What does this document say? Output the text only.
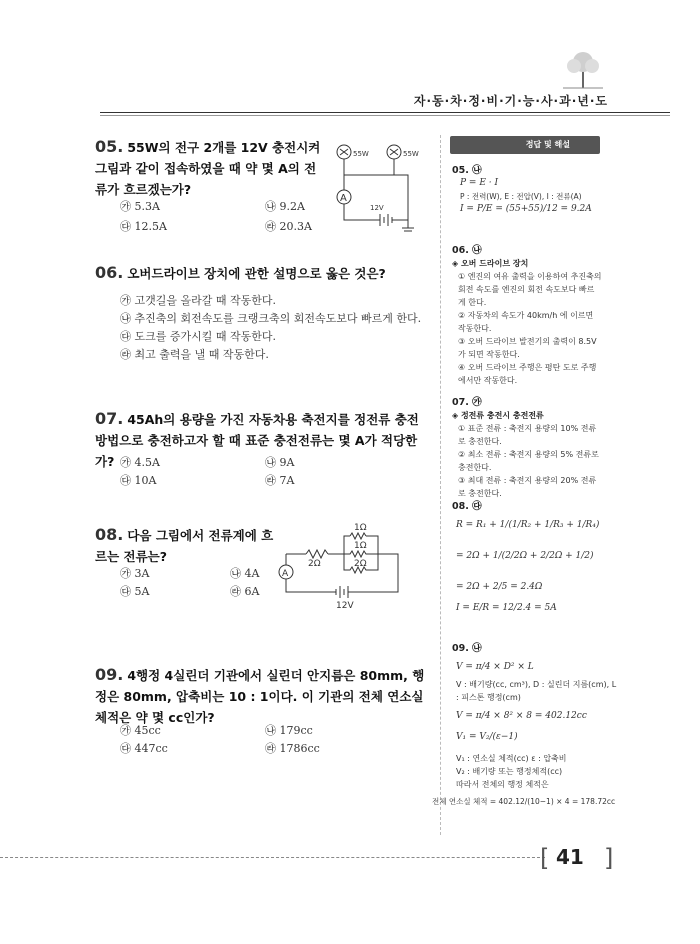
자·동·차·정·비·기·능·사·과·년·도
05. 55W의 전구 2개를 12V 충전시켜 그림과 같이 접속하였을 때 약 몇 A의 전류가 흐르겠는가?
㉮ 5.3A	㉯ 9.2A
㉰ 12.5A	㉱ 20.3A
55W	55W
A
12V
06. 오버드라이브 장치에 관한 설명으로 옳은 것은?
㉮ 고갯길을 올라갈 때 작동한다.
㉯ 추진축의 회전속도를 크랭크축의 회전속도보다 빠르게 한다.
㉰ 도크를 증가시킬 때 작동한다.
㉱ 최고 출력을 낼 때 작동한다.
07. 45Ah의 용량을 가진 자동차용 축전지를 정전류 충전방법으로 충전하고자 할 때 표준 충전전류는 몇 A가 적당한가? ㉮ 4.5A	㉯ 9A
㉰ 10A	㉱ 7A
08. 다음 그림에서 전류계에 흐르는 전류는?
㉮ 3A	㉯ 4A
㉰ 5A	㉱ 6A
1Ω
1Ω
2Ω	2Ω
A
12V
09. 4행정 4실린더 기관에서 실린더 안지름은 80mm, 행정은 80mm, 압축비는 10 : 1이다. 이 기관의 전체 연소실 체적은 약 몇 cc인가?
㉮ 45cc	㉯ 179cc
㉰ 447cc	㉱ 1786cc
정답 및 해설
05. ㉯
P = E · I
P : 전력(W), E : 전압(V), I : 전류(A)
I = P/E = (55+55)/12 = 9.2A
06. ㉯
◈ 오버 드라이브 장치
① 엔진의 여유 출력을 이용하여 추진축의 회전 속도를 엔진의 회전 속도보다 빠르게 한다.
② 자동차의 속도가 40km/h 에 이르면 작동한다.
③ 오버 드라이브 발전기의 출력이 8.5V 가 되면 작동한다.
④ 오버 드라이브 주행은 평탄 도로 주행에서만 작동한다.
07. ㉮
◈ 정전류 충전시 충전전류
① 표준 전류 : 축전지 용량의 10% 전류로 충전한다.
② 최소 전류 : 축전지 용량의 5% 전류로 충전한다.
③ 최대 전류 : 축전지 용량의 20% 전류로 충전한다.
08. ㉰
R = R₁ + 1/(1/R₂ + 1/R₃ + 1/R₄)
= 2Ω + 1/(2/2Ω + 2/2Ω + 1/2)
= 2Ω + 2/5 = 2.4Ω
I = E/R = 12/2.4 = 5A
09. ㉯
V = π/4 × D² × L
V : 배기량(cc, cm³), D : 실린더 지름(cm), L : 피스톤 행정(cm)
V = π/4 × 8² × 8 = 402.12cc
V₁ = V₂/(ε−1)
V₁ : 연소실 체적(cc) ε : 압축비
V₂ : 배기량 또는 행정체적(cc)
따라서 전체의 행정 체적은
전체 연소실 체적 = 402.12/(10−1) × 4 = 178.72cc
[ 41 ]
